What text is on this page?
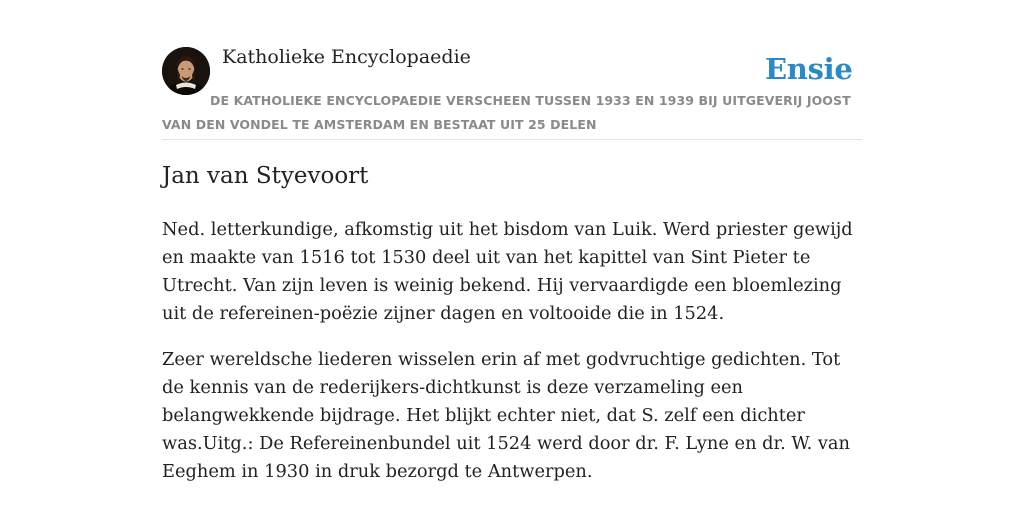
Katholieke Encyclopaedie	Ensie
DE KATHOLIEKE ENCYCLOPAEDIE VERSCHEEN TUSSEN 1933 EN 1939 BIJ UITGEVERIJ JOOST VAN DEN VONDEL TE AMSTERDAM EN BESTAAT UIT 25 DELEN
Jan van Styevoort

Ned. letterkundige, afkomstig uit het bisdom van Luik. Werd priester gewijd en maakte van 1516 tot 1530 deel uit van het kapittel van Sint Pieter te Utrecht. Van zijn leven is weinig bekend. Hij vervaardigde een bloemlezing uit de refereinen-poëzie zijner dagen en voltooide die in 1524.

Zeer wereldsche liederen wisselen erin af met godvruchtige gedichten. Tot de kennis van de rederijkers-dichtkunst is deze verzameling een belangwekkende bijdrage. Het blijkt echter niet, dat S. zelf een dichter was.Uitg.: De Refereinenbundel uit 1524 werd door dr. F. Lyne en dr. W. van Eeghem in 1930 in druk bezorgd te Antwerpen.
